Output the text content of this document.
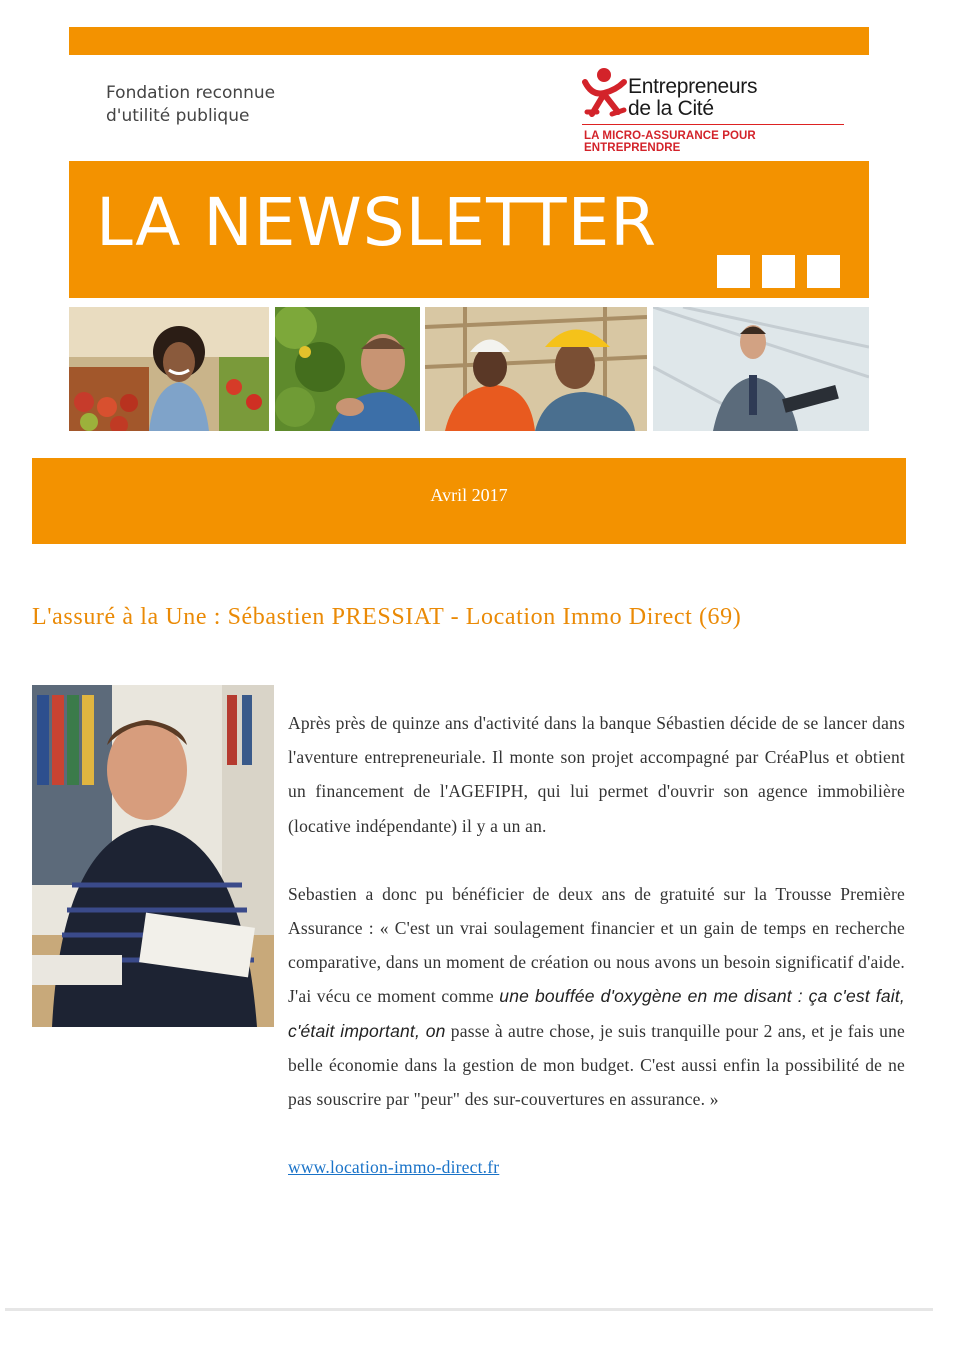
Fondation reconnue
d'utilité publique
Entrepreneurs
de la Cité
LA MICRO-ASSURANCE POUR ENTREPRENDRE
LA NEWSLETTER
Avril 2017
L'assuré à la Une : Sébastien PRESSIAT - Location Immo Direct (69)

Après près de quinze ans d'activité dans la banque Sébastien décide de se lancer dans l'aventure entrepreneuriale. Il monte son projet accompagné par CréaPlus et obtient un financement de l'AGEFIPH, qui lui permet d'ouvrir son agence immobilière (locative indépendante) il y a un an.

Sebastien a donc pu bénéficier de deux ans de gratuité sur la Trousse Première Assurance : « C'est un vrai soulagement financier et un gain de temps en recherche comparative, dans un moment de création ou nous avons un besoin significatif d'aide. J'ai vécu ce moment comme une bouffée d'oxygène en me disant : ça c'est fait, c'était important, on passe à autre chose, je suis tranquille pour 2 ans, et je fais une belle économie dans la gestion de mon budget. C'est aussi enfin la possibilité de ne pas souscrire par "peur" des sur-couvertures en assurance. »

www.location-immo-direct.fr
